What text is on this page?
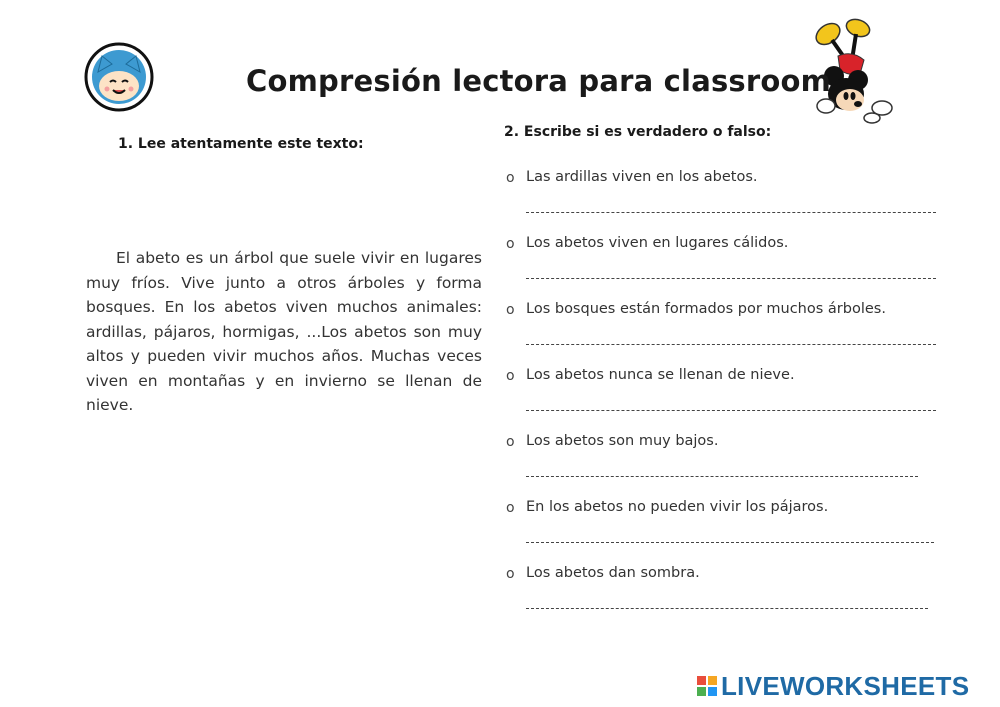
Compresión lectora para classroom
1. Lee atentamente este texto:
El abeto es un árbol que suele vivir en lugares muy fríos. Vive junto a otros árboles y forma bosques. En los abetos viven muchos animales: ardillas, pájaros, hormigas, ...Los abetos son muy altos y pueden vivir muchos años. Muchas veces viven en montañas y en invierno se llenan de nieve.
2. Escribe si es verdadero o falso:
o Las ardillas viven en los abetos.
o Los abetos viven en lugares cálidos.
o Los bosques están formados por muchos árboles.
o Los abetos nunca se llenan de nieve.
o Los abetos son muy bajos.
o En los abetos no pueden vivir los pájaros.
o Los abetos dan sombra.
LIVEWORKSHEETS
